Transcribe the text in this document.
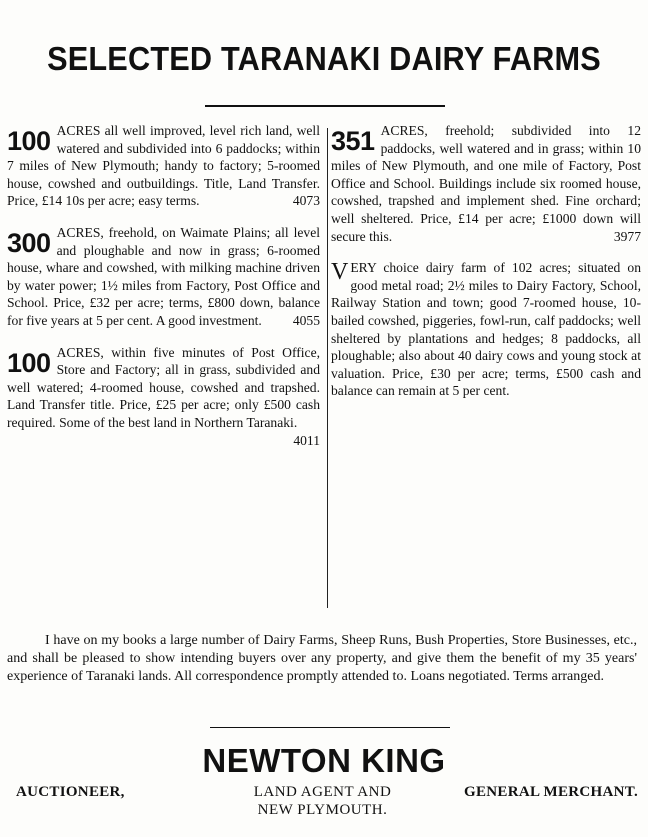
SELECTED TARANAKI DAIRY FARMS
100 ACRES all well improved, level rich land, well watered and subdivided into 6 paddocks; within 7 miles of New Plymouth; handy to factory; 5-roomed house, cowshed and outbuildings. Title, Land Transfer. Price, £14 10s per acre; easy terms.	4073
300 ACRES, freehold, on Waimate Plains; all level and ploughable and now in grass; 6-roomed house, whare and cowshed, with milking machine driven by water power; 1½ miles from Factory, Post Office and School. Price, £32 per acre; terms, £800 down, balance for five years at 5 per cent. A good investment. 4055
100 ACRES, within five minutes of Post Office, Store and Factory; all in grass, subdivided and well watered; 4-roomed house, cowshed and trapshed. Land Transfer title. Price, £25 per acre; only £500 cash required. Some of the best land in Northern Taranaki.
4011
351 ACRES, freehold; subdivided into 12 paddocks, well watered and in grass; within 10 miles of New Plymouth, and one mile of Factory, Post Office and School. Buildings include six roomed house, cowshed, trapshed and implement shed. Fine orchard; well sheltered. Price, £14 per acre; £1000 down will secure this.	3977
VERY choice dairy farm of 102 acres; situated on good metal road; 2½ miles to Dairy Factory, School, Railway Station and town; good 7-roomed house, 10-bailed cowshed, piggeries, fowl-run, calf paddocks; well sheltered by plantations and hedges; 8 paddocks, all ploughable; also about 40 dairy cows and young stock at valuation. Price, £30 per acre; terms, £500 cash and balance can remain at 5 per cent.
I have on my books a large number of Dairy Farms, Sheep Runs, Bush Properties, Store Businesses, etc., and shall be pleased to show intending buyers over any property, and give them the benefit of my 35 years' experience of Taranaki lands. All correspondence promptly attended to. Loans negotiated. Terms arranged.
NEWTON KING
AUCTIONEER,	LAND AGENT AND
NEW PLYMOUTH.
GENERAL MERCHANT.
